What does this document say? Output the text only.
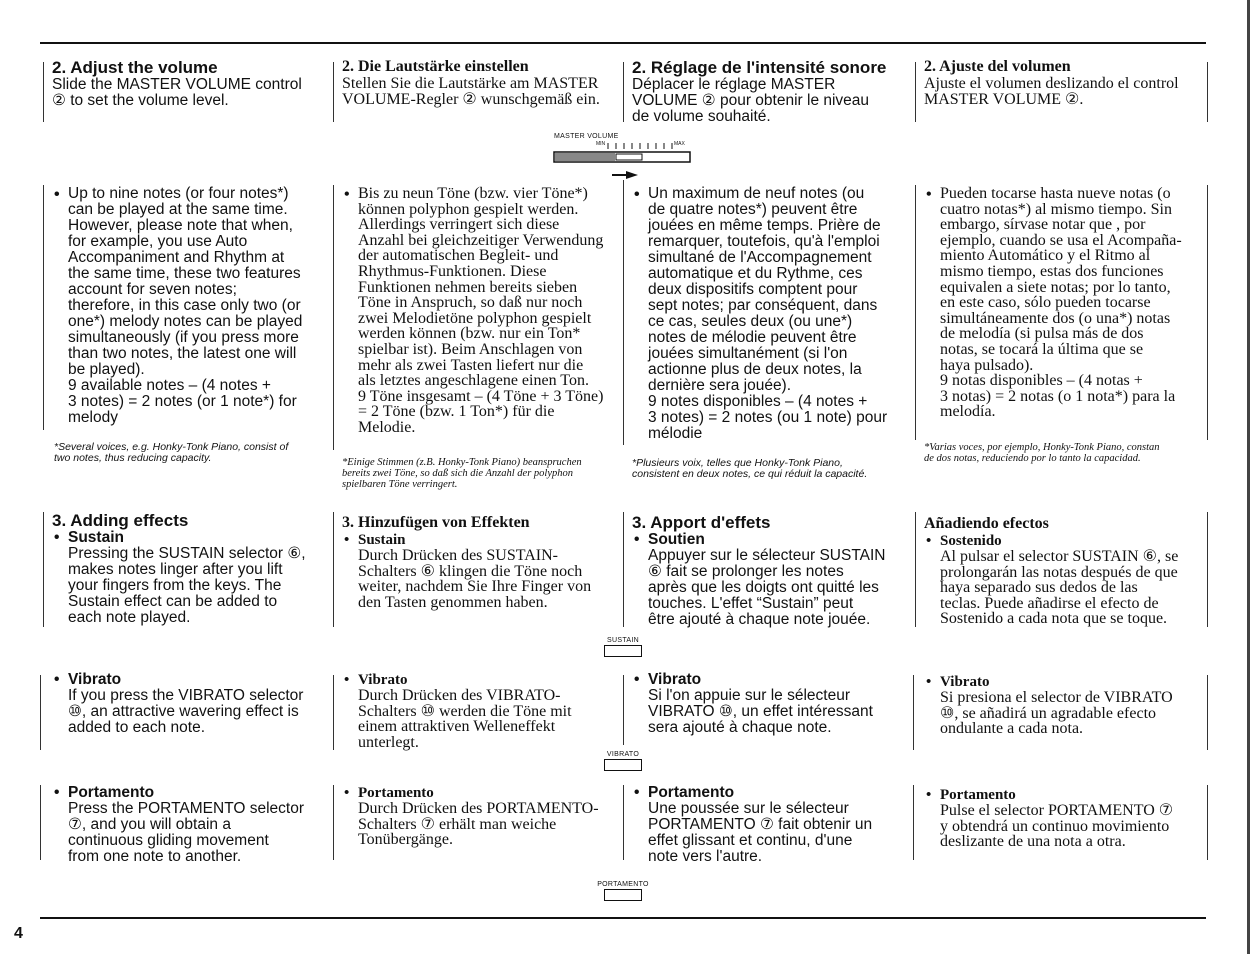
2. Adjust the volume

Slide the MASTER VOLUME control
② to set the volume level.

• Up to nine notes (or four notes*)
can be played at the same time.
However, please note that when,
for example, you use Auto
Accompaniment and Rhythm at
the same time, these two features
account for seven notes;
therefore, in this case only two (or
one*) melody notes can be played
simultaneously (if you press more
than two notes, the latest one will
be played).
9 available notes – (4 notes +
3 notes) = 2 notes (or 1 note*) for
melody

*Several voices, e.g. Honky-Tonk Piano, consist of
two notes, thus reducing capacity.

3. Adding effects

• Sustain

Pressing the SUSTAIN selector ⑥,
makes notes linger after you lift
your fingers from the keys. The
Sustain effect can be added to
each note played.

• Vibrato

If you press the VIBRATO selector
⑩, an attractive wavering effect is
added to each note.

• Portamento

Press the PORTAMENTO selector
⑦, and you will obtain a
continuous gliding movement
from one note to another.

2. Die Lautstärke einstellen

Stellen Sie die Lautstärke am MASTER
VOLUME-Regler ② wunschgemäß ein.

• Bis zu neun Töne (bzw. vier Töne*)
können polyphon gespielt werden.
Allerdings verringert sich diese
Anzahl bei gleichzeitiger Verwendung
der automatischen Begleit- und
Rhythmus-Funktionen. Diese
Funktionen nehmen bereits sieben
Töne in Anspruch, so daß nur noch
zwei Melodietöne polyphon gespielt
werden können (bzw. nur ein Ton*
spielbar ist). Beim Anschlagen von
mehr als zwei Tasten liefert nur die
als letztes angeschlagene einen Ton.
9 Töne insgesamt – (4 Töne + 3 Töne)
= 2 Töne (bzw. 1 Ton*) für die
Melodie.

*Einige Stimmen (z.B. Honky-Tonk Piano) beanspruchen
bereits zwei Töne, so daß sich die Anzahl der polyphon
spielbaren Töne verringert.

3. Hinzufügen von Effekten

• Sustain

Durch Drücken des SUSTAIN-
Schalters ⑥ klingen die Töne noch
weiter, nachdem Sie Ihre Finger von
den Tasten genommen haben.

• Vibrato

Durch Drücken des VIBRATO-
Schalters ⑩ werden die Töne mit
einem attraktiven Welleneffekt
unterlegt.

• Portamento

Durch Drücken des PORTAMENTO-
Schalters ⑦ erhält man weiche
Tonübergänge.

2. Réglage de l'intensité sonore

Déplacer le réglage MASTER
VOLUME ② pour obtenir le niveau
de volume souhaité.

• Un maximum de neuf notes (ou
de quatre notes*) peuvent être
jouées en même temps. Prière de
remarquer, toutefois, qu'à l'emploi
simultané de l'Accompagnement
automatique et du Rythme, ces
deux dispositifs comptent pour
sept notes; par conséquent, dans
ce cas, seules deux (ou une*)
notes de mélodie peuvent être
jouées simultanément (si l'on
actionne plus de deux notes, la
dernière sera jouée).
9 notes disponibles – (4 notes +
3 notes) = 2 notes (ou 1 note) pour
mélodie

*Plusieurs voix, telles que Honky-Tonk Piano,
consistent en deux notes, ce qui réduit la capacité.

3. Apport d'effets

• Soutien

Appuyer sur le sélecteur SUSTAIN
⑥ fait se prolonger les notes
après que les doigts ont quitté les
touches. L'effet “Sustain” peut
être ajouté à chaque note jouée.

• Vibrato

Si l'on appuie sur le sélecteur
VIBRATO ⑩, un effet intéressant
sera ajouté à chaque note.

• Portamento

Une poussée sur le sélecteur
PORTAMENTO ⑦ fait obtenir un
effet glissant et continu, d'une
note vers l'autre.

2. Ajuste del volumen

Ajuste el volumen deslizando el control
MASTER VOLUME ②.

• Pueden tocarse hasta nueve notas (o
cuatro notas*) al mismo tiempo. Sin
embargo, sírvase notar que , por
ejemplo, cuando se usa el Acompaña-
miento Automático y el Ritmo al
mismo tiempo, estas dos funciones
equivalen a siete notas; por lo tanto,
en este caso, sólo pueden tocarse
simultáneamente dos (o una*) notas
de melodía (si pulsa más de dos
notas, se tocará la última que se
haya pulsado).
9 notas disponibles – (4 notas +
3 notas) = 2 notas (o 1 nota*) para la
melodía.

*Varias voces, por ejemplo, Honky-Tonk Piano, constan
de dos notas, reduciendo por lo tanto la capacidad.

Añadiendo efectos

• Sostenido

Al pulsar el selector SUSTAIN ⑥, se
prolongarán las notas después de que
haya separado sus dedos de las
teclas. Puede añadirse el efecto de
Sostenido a cada nota que se toque.

• Vibrato

Si presiona el selector de VIBRATO
⑩, se añadirá un agradable efecto
ondulante a cada nota.

• Portamento

Pulse el selector PORTAMENTO ⑦
y obtendrá un continuo movimiento
deslizante de una nota a otra.

MASTER VOLUME
MIN	MAX
SUSTAIN
VIBRATO
PORTAMENTO
4
